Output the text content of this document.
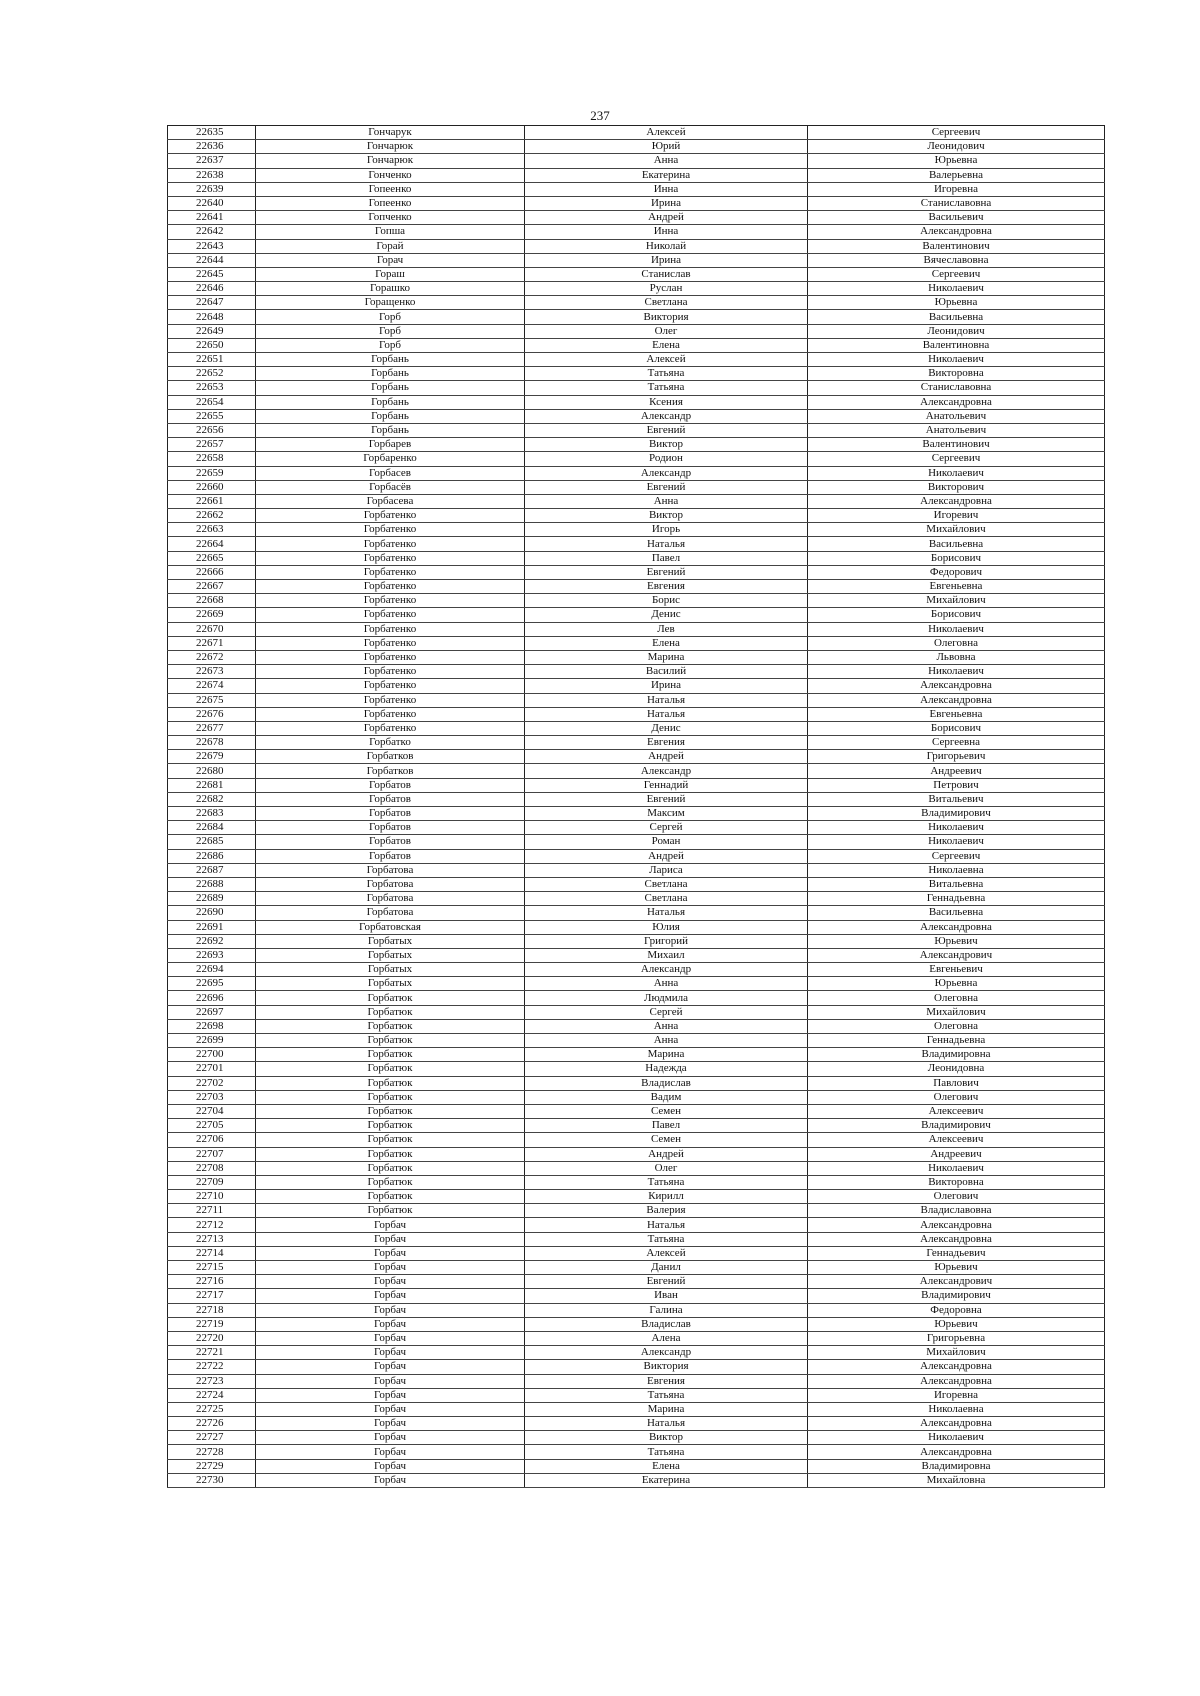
237
22635	Гончарук	Алексей	Сергеевич
22636	Гончарюк	Юрий	Леонидович
22637	Гончарюк	Анна	Юрьевна
22638	Гонченко	Екатерина	Валерьевна
22639	Гопеенко	Инна	Игоревна
22640	Гопеенко	Ирина	Станиславовна
22641	Гопченко	Андрей	Васильевич
22642	Гопша	Инна	Александровна
22643	Горай	Николай	Валентинович
22644	Горач	Ирина	Вячеславовна
22645	Гораш	Станислав	Сергеевич
22646	Горашко	Руслан	Николаевич
22647	Горащенко	Светлана	Юрьевна
22648	Горб	Виктория	Васильевна
22649	Горб	Олег	Леонидович
22650	Горб	Елена	Валентиновна
22651	Горбань	Алексей	Николаевич
22652	Горбань	Татьяна	Викторовна
22653	Горбань	Татьяна	Станиславовна
22654	Горбань	Ксения	Александровна
22655	Горбань	Александр	Анатольевич
22656	Горбань	Евгений	Анатольевич
22657	Горбарев	Виктор	Валентинович
22658	Горбаренко	Родион	Сергеевич
22659	Горбасев	Александр	Николаевич
22660	Горбасёв	Евгений	Викторович
22661	Горбасева	Анна	Александровна
22662	Горбатенко	Виктор	Игоревич
22663	Горбатенко	Игорь	Михайлович
22664	Горбатенко	Наталья	Васильевна
22665	Горбатенко	Павел	Борисович
22666	Горбатенко	Евгений	Федорович
22667	Горбатенко	Евгения	Евгеньевна
22668	Горбатенко	Борис	Михайлович
22669	Горбатенко	Денис	Борисович
22670	Горбатенко	Лев	Николаевич
22671	Горбатенко	Елена	Олеговна
22672	Горбатенко	Марина	Львовна
22673	Горбатенко	Василий	Николаевич
22674	Горбатенко	Ирина	Александровна
22675	Горбатенко	Наталья	Александровна
22676	Горбатенко	Наталья	Евгеньевна
22677	Горбатенко	Денис	Борисович
22678	Горбатко	Евгения	Сергеевна
22679	Горбатков	Андрей	Григорьевич
22680	Горбатков	Александр	Андреевич
22681	Горбатов	Геннадий	Петрович
22682	Горбатов	Евгений	Витальевич
22683	Горбатов	Максим	Владимирович
22684	Горбатов	Сергей	Николаевич
22685	Горбатов	Роман	Николаевич
22686	Горбатов	Андрей	Сергеевич
22687	Горбатова	Лариса	Николаевна
22688	Горбатова	Светлана	Витальевна
22689	Горбатова	Светлана	Геннадьевна
22690	Горбатова	Наталья	Васильевна
22691	Горбатовская	Юлия	Александровна
22692	Горбатых	Григорий	Юрьевич
22693	Горбатых	Михаил	Александрович
22694	Горбатых	Александр	Евгеньевич
22695	Горбатых	Анна	Юрьевна
22696	Горбатюк	Людмила	Олеговна
22697	Горбатюк	Сергей	Михайлович
22698	Горбатюк	Анна	Олеговна
22699	Горбатюк	Анна	Геннадьевна
22700	Горбатюк	Марина	Владимировна
22701	Горбатюк	Надежда	Леонидовна
22702	Горбатюк	Владислав	Павлович
22703	Горбатюк	Вадим	Олегович
22704	Горбатюк	Семен	Алексеевич
22705	Горбатюк	Павел	Владимирович
22706	Горбатюк	Семен	Алексеевич
22707	Горбатюк	Андрей	Андреевич
22708	Горбатюк	Олег	Николаевич
22709	Горбатюк	Татьяна	Викторовна
22710	Горбатюк	Кирилл	Олегович
22711	Горбатюк	Валерия	Владиславовна
22712	Горбач	Наталья	Александровна
22713	Горбач	Татьяна	Александровна
22714	Горбач	Алексей	Геннадьевич
22715	Горбач	Данил	Юрьевич
22716	Горбач	Евгений	Александрович
22717	Горбач	Иван	Владимирович
22718	Горбач	Галина	Федоровна
22719	Горбач	Владислав	Юрьевич
22720	Горбач	Алена	Григорьевна
22721	Горбач	Александр	Михайлович
22722	Горбач	Виктория	Александровна
22723	Горбач	Евгения	Александровна
22724	Горбач	Татьяна	Игоревна
22725	Горбач	Марина	Николаевна
22726	Горбач	Наталья	Александровна
22727	Горбач	Виктор	Николаевич
22728	Горбач	Татьяна	Александровна
22729	Горбач	Елена	Владимировна
22730	Горбач	Екатерина	Михайловна
